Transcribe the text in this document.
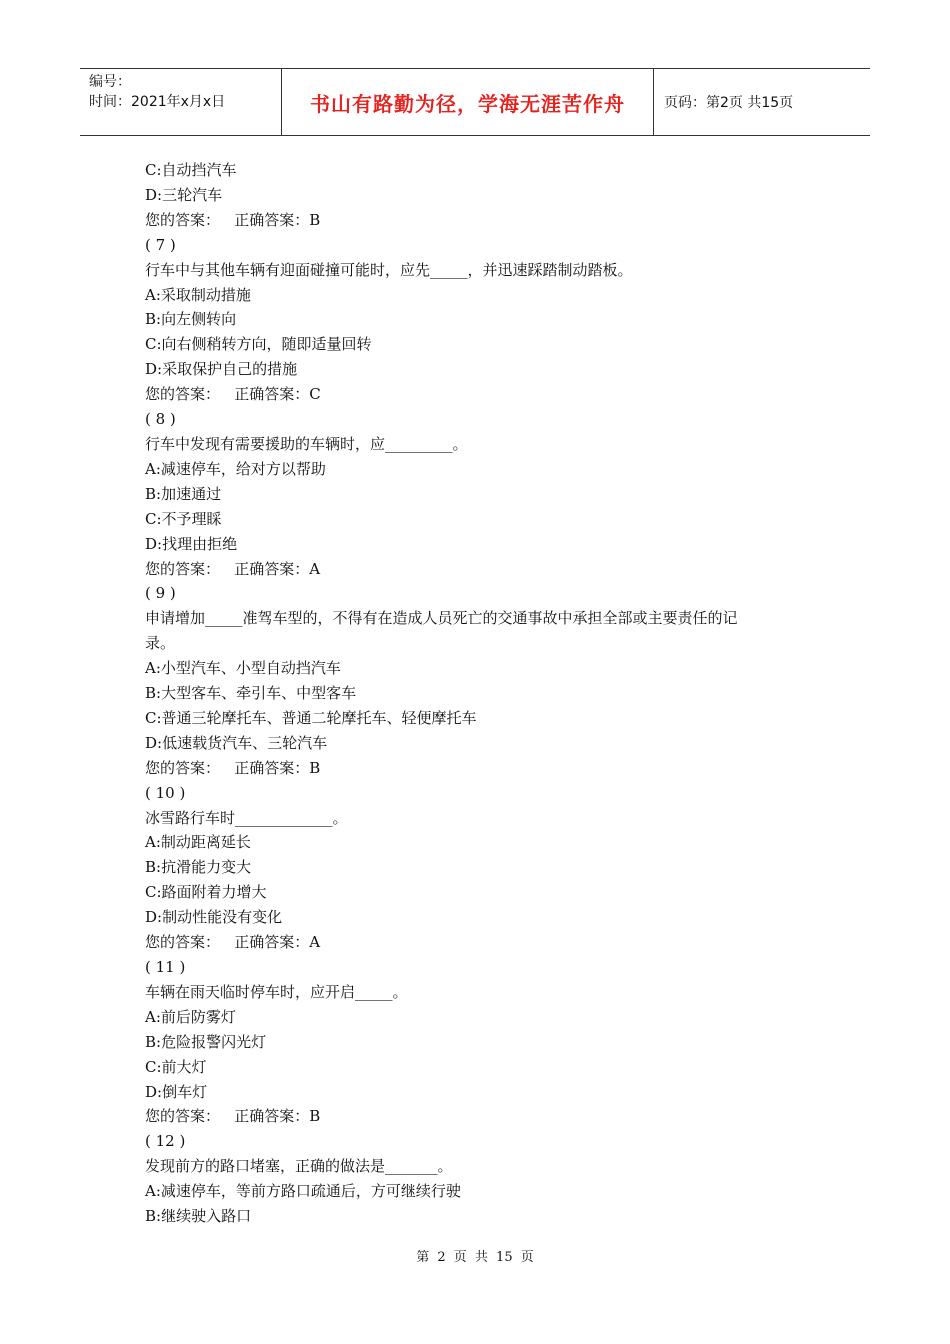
编号：
时间：2021年x月x日	书山有路勤为径，学海无涯苦作舟	页码：第2页 共15页
C:自动挡汽车
D:三轮汽车
您的答案：   正确答案：B
( 7 )
行车中与其他车辆有迎面碰撞可能时，应先_____，并迅速踩踏制动踏板。
A:采取制动措施
B:向左侧转向
C:向右侧稍转方向，随即适量回转
D:采取保护自己的措施
您的答案：   正确答案：C
( 8 )
行车中发现有需要援助的车辆时，应_________。
A:减速停车，给对方以帮助
B:加速通过
C:不予理睬
D:找理由拒绝
您的答案：   正确答案：A
( 9 )
申请增加_____准驾车型的，不得有在造成人员死亡的交通事故中承担全部或主要责任的记
录。
A:小型汽车、小型自动挡汽车
B:大型客车、牵引车、中型客车
C:普通三轮摩托车、普通二轮摩托车、轻便摩托车
D:低速载货汽车、三轮汽车
您的答案：   正确答案：B
( 10 )
冰雪路行车时_____________。
A:制动距离延长
B:抗滑能力变大
C:路面附着力增大
D:制动性能没有变化
您的答案：   正确答案：A
( 11 )
车辆在雨天临时停车时，应开启_____。
A:前后防雾灯
B:危险报警闪光灯
C:前大灯
D:倒车灯
您的答案：   正确答案：B
( 12 )
发现前方的路口堵塞，正确的做法是_______。
A:减速停车，等前方路口疏通后，方可继续行驶
B:继续驶入路口
第 2 页 共 15 页
